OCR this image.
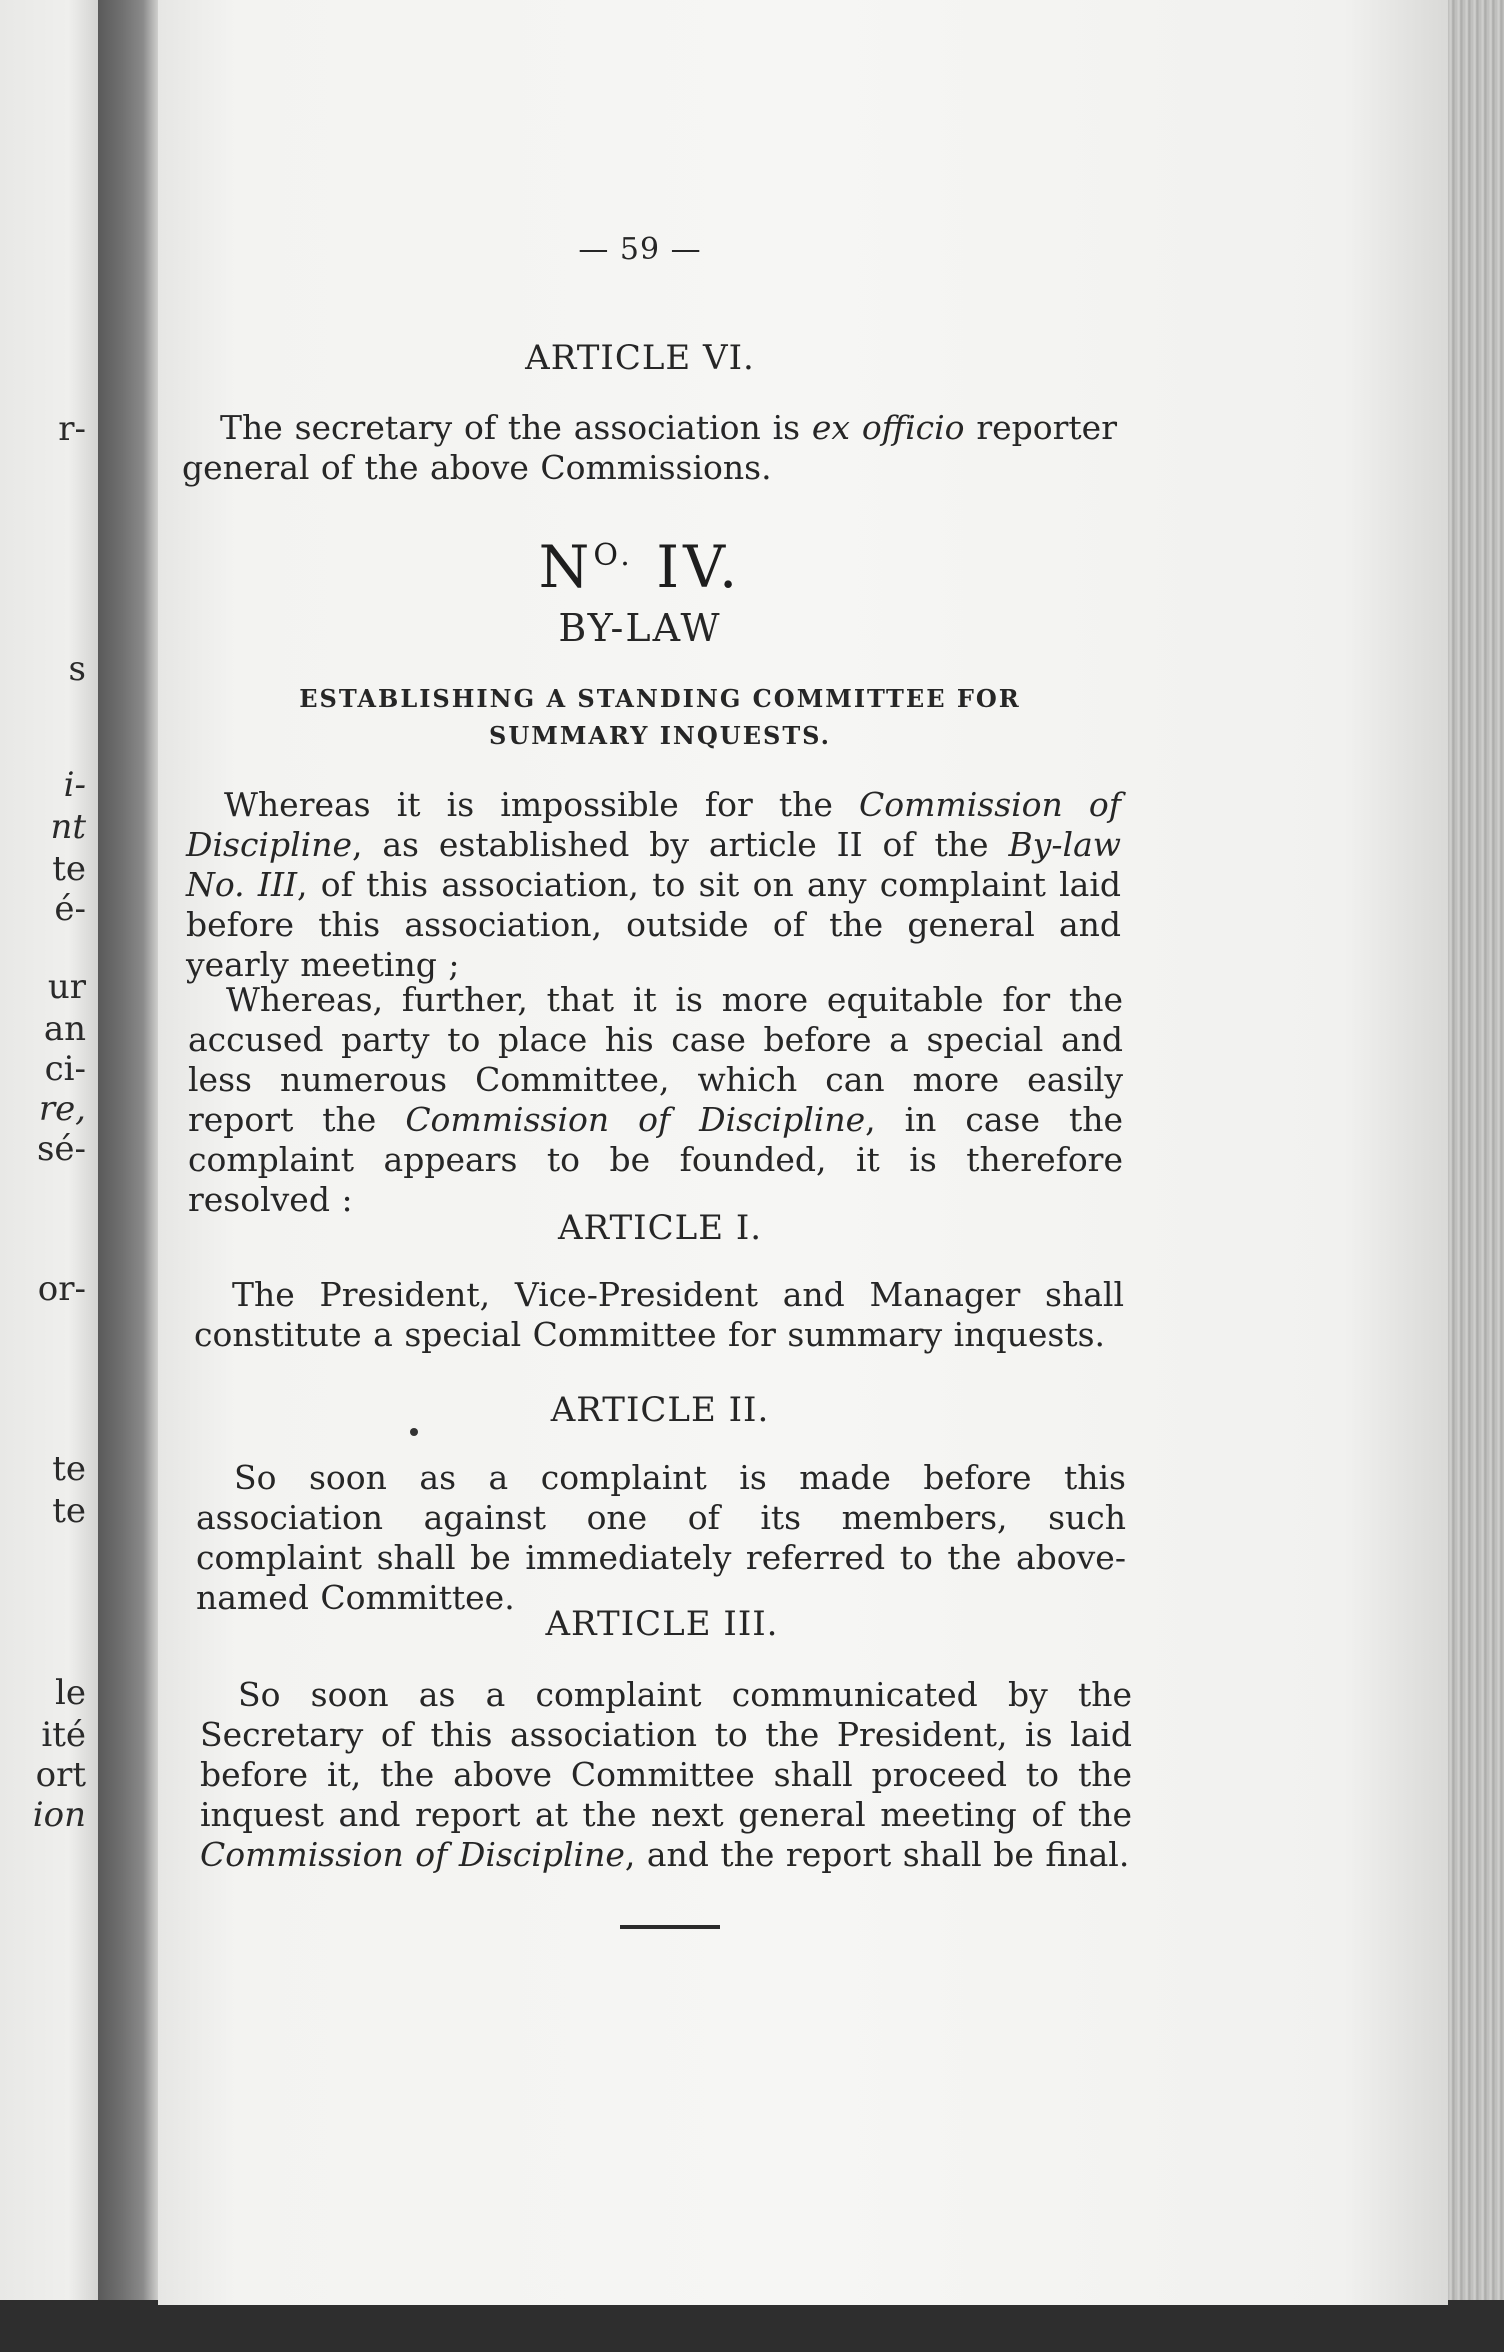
r-
s
i-
nt
te
é-
ur
an
ci-
re,
sé-
or-
te
te
le
ité
ort
ion

— 59 —

ARTICLE VI.

The secretary of the association is ex officio reporter general of the above Commissions.

$N^{O.}$ IV.

BY-LAW

ESTABLISHING A STANDING COMMITTEE FOR
SUMMARY INQUESTS.

Whereas it is impossible for the Commission of Discipline, as established by article II of the By-law No. III, of this association, to sit on any complaint laid before this association, outside of the general and yearly meeting ;

Whereas, further, that it is more equitable for the accused party to place his case before a special and less numerous Committee, which can more easily report the Commission of Discipline, in case the complaint appears to be founded, it is therefore resolved :

ARTICLE I.

The President, Vice-President and Manager shall constitute a special Committee for summary inquests.

ARTICLE II.

So soon as a complaint is made before this association against one of its members, such complaint shall be immediately referred to the above-named Committee.

ARTICLE III.

So soon as a complaint communicated by the Secretary of this association to the President, is laid before it, the above Committee shall proceed to the inquest and report at the next general meeting of the Commission of Discipline, and the report shall be final.
